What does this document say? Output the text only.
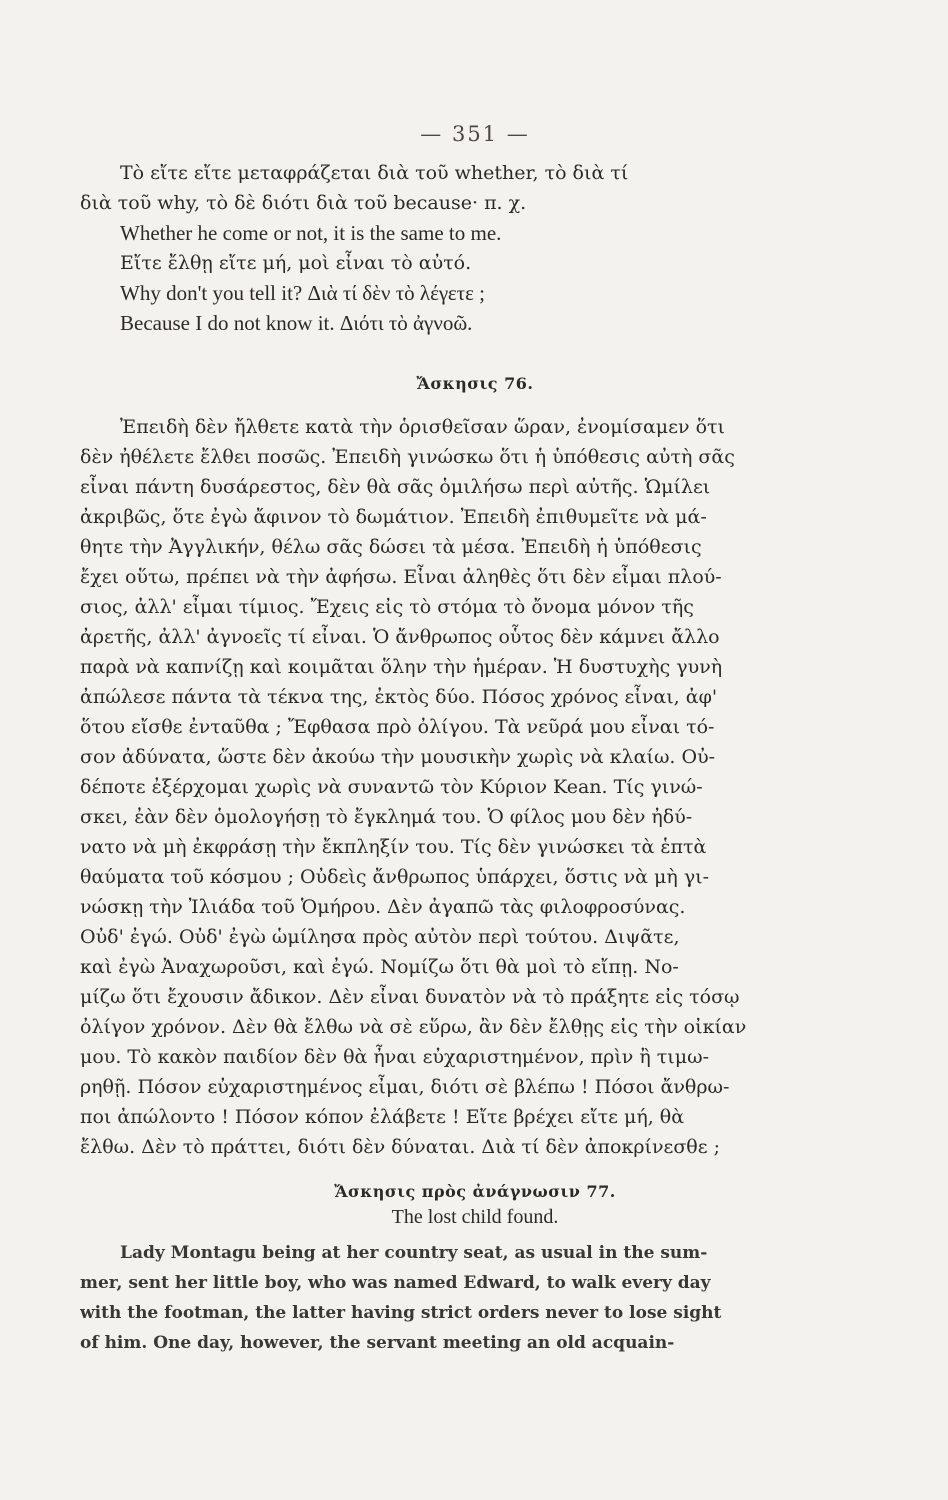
— 351 —
Τὸ εἴτε εἴτε μεταφράζεται διὰ τοῦ whether, τὸ διὰ τί
διὰ τοῦ why, τὸ δὲ διότι διὰ τοῦ because· π. χ.
Whether he come or not, it is the same to me.
Εἴτε ἔλθῃ εἴτε μή, μοὶ εἶναι τὸ αὐτό.
Why don't you tell it? Διὰ τί δὲν τὸ λέγετε ;
Because I do not know it. Διότι τὸ ἀγνοῶ.
Ἄσκησις 76.
Ἐπειδὴ δὲν ἤλθετε κατὰ τὴν ὁρισθεῖσαν ὥραν, ἐνομίσαμεν ὅτι
δὲν ἠθέλετε ἔλθει ποσῶς. Ἐπειδὴ γινώσκω ὅτι ἡ ὑπόθεσις αὐτὴ σᾶς
εἶναι πάντη δυσάρεστος, δὲν θὰ σᾶς ὁμιλήσω περὶ αὐτῆς. Ὡμίλει
ἀκριβῶς, ὅτε ἐγὼ ἄφινον τὸ δωμάτιον. Ἐπειδὴ ἐπιθυμεῖτε νὰ μά-
θητε τὴν Ἀγγλικήν, θέλω σᾶς δώσει τὰ μέσα. Ἐπειδὴ ἡ ὑπόθεσις
ἔχει οὕτω, πρέπει νὰ τὴν ἀφήσω. Εἶναι ἀληθὲς ὅτι δὲν εἶμαι πλού-
σιος, ἀλλ' εἶμαι τίμιος. Ἔχεις εἰς τὸ στόμα τὸ ὄνομα μόνον τῆς
ἀρετῆς, ἀλλ' ἀγνοεῖς τί εἶναι. Ὁ ἄνθρωπος οὗτος δὲν κάμνει ἄλλο
παρὰ νὰ καπνίζῃ καὶ κοιμᾶται ὅλην τὴν ἡμέραν. Ἡ δυστυχὴς γυνὴ
ἀπώλεσε πάντα τὰ τέκνα της, ἐκτὸς δύο. Πόσος χρόνος εἶναι, ἀφ'
ὅτου εἴσθε ἐνταῦθα ; Ἔφθασα πρὸ ὀλίγου. Τὰ νεῦρά μου εἶναι τό-
σον ἀδύνατα, ὥστε δὲν ἀκούω τὴν μουσικὴν χωρὶς νὰ κλαίω. Οὐ-
δέποτε ἐξέρχομαι χωρὶς νὰ συναντῶ τὸν Κύριον Kean. Τίς γινώ-
σκει, ἐὰν δὲν ὁμολογήσῃ τὸ ἔγκλημά του. Ὁ φίλος μου δὲν ἠδύ-
νατο νὰ μὴ ἐκφράσῃ τὴν ἔκπληξίν του. Τίς δὲν γινώσκει τὰ ἑπτὰ
θαύματα τοῦ κόσμου ; Οὐδεὶς ἄνθρωπος ὑπάρχει, ὅστις νὰ μὴ γι-
νώσκῃ τὴν Ἰλιάδα τοῦ Ὁμήρου. Δὲν ἀγαπῶ τὰς φιλοφροσύνας.
Οὐδ' ἐγώ. Οὐδ' ἐγὼ ὡμίλησα πρὸς αὐτὸν περὶ τούτου. Διψᾶτε,
καὶ ἐγὼ Ἀναχωροῦσι, καὶ ἐγώ. Νομίζω ὅτι θὰ μοὶ τὸ εἴπῃ. Νο-
μίζω ὅτι ἔχουσιν ἄδικον. Δὲν εἶναι δυνατὸν νὰ τὸ πράξητε εἰς τόσῳ
ὀλίγον χρόνον. Δὲν θὰ ἔλθω νὰ σὲ εὕρω, ἂν δὲν ἔλθῃς εἰς τὴν οἰκίαν
μου. Τὸ κακὸν παιδίον δὲν θὰ ἦναι εὐχαριστημένον, πρὶν ἢ τιμω-
ρηθῇ. Πόσον εὐχαριστημένος εἶμαι, διότι σὲ βλέπω ! Πόσοι ἄνθρω-
ποι ἀπώλοντο ! Πόσον κόπον ἐλάβετε ! Εἴτε βρέχει εἴτε μή, θὰ
ἔλθω. Δὲν τὸ πράττει, διότι δὲν δύναται. Διὰ τί δὲν ἀποκρίνεσθε ;
Ἄσκησις πρὸς ἀνάγνωσιν 77.
The lost child found.
Lady Montagu being at her country seat, as usual in the sum-
mer, sent her little boy, who was named Edward, to walk every day
with the footman, the latter having strict orders never to lose sight
of him. One day, however, the servant meeting an old acquain-
